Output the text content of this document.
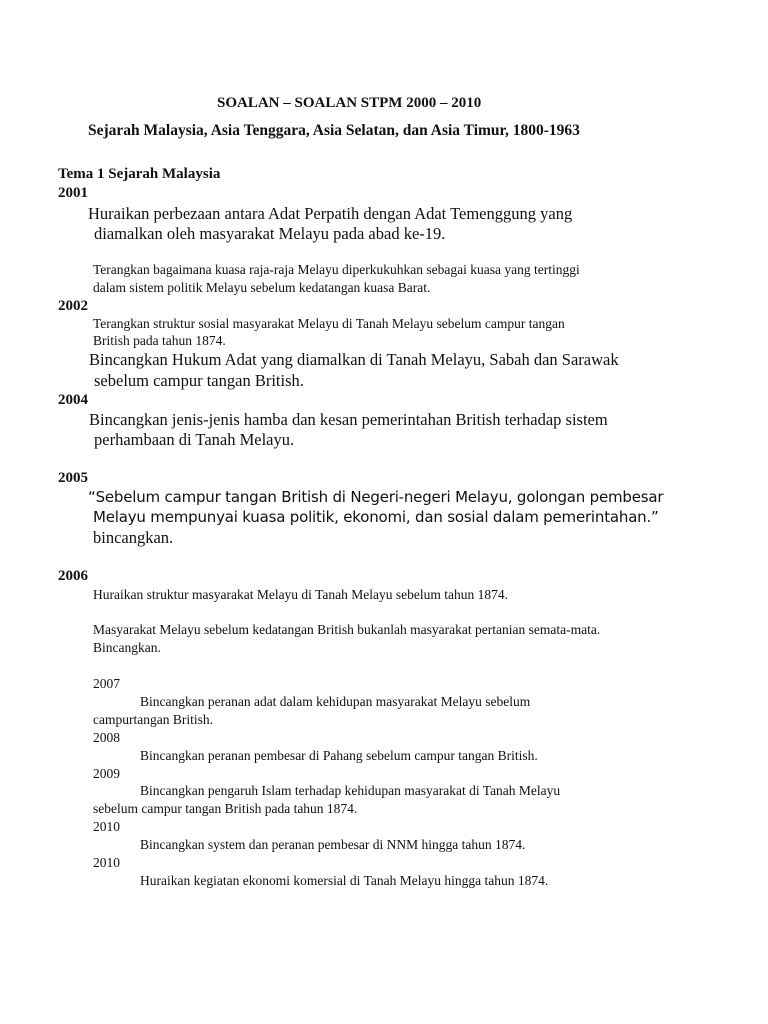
SOALAN – SOALAN STPM 2000 – 2010
Sejarah Malaysia, Asia Tenggara, Asia Selatan, dan Asia Timur, 1800-1963
Tema 1 Sejarah Malaysia
2001
Huraikan perbezaan antara Adat Perpatih dengan Adat Temenggung yang
diamalkan oleh masyarakat Melayu pada abad ke-19.
Terangkan bagaimana kuasa raja-raja Melayu diperkukuhkan sebagai kuasa yang tertinggi
dalam sistem politik Melayu sebelum kedatangan kuasa Barat.
2002
Terangkan struktur sosial masyarakat Melayu di Tanah Melayu sebelum campur tangan
British pada tahun 1874.
Bincangkan Hukum Adat yang diamalkan di Tanah Melayu, Sabah dan Sarawak
sebelum campur tangan British.
2004
Bincangkan jenis-jenis hamba dan kesan pemerintahan British terhadap sistem
perhambaan di Tanah Melayu.
2005
“Sebelum campur tangan British di Negeri-negeri Melayu, golongan pembesar
Melayu mempunyai kuasa politik, ekonomi, dan sosial dalam pemerintahan.”
bincangkan.
2006
Huraikan struktur masyarakat Melayu di Tanah Melayu sebelum tahun 1874.
Masyarakat Melayu sebelum kedatangan British bukanlah masyarakat pertanian semata-mata.
Bincangkan.
2007
Bincangkan peranan adat dalam kehidupan masyarakat Melayu sebelum
campurtangan British.
2008
Bincangkan peranan pembesar di Pahang sebelum campur tangan British.
2009
Bincangkan pengaruh Islam terhadap kehidupan masyarakat di Tanah Melayu
sebelum campur tangan British pada tahun 1874.
2010
Bincangkan system dan peranan pembesar di NNM hingga tahun 1874.
2010
Huraikan kegiatan ekonomi komersial di Tanah Melayu hingga tahun 1874.
